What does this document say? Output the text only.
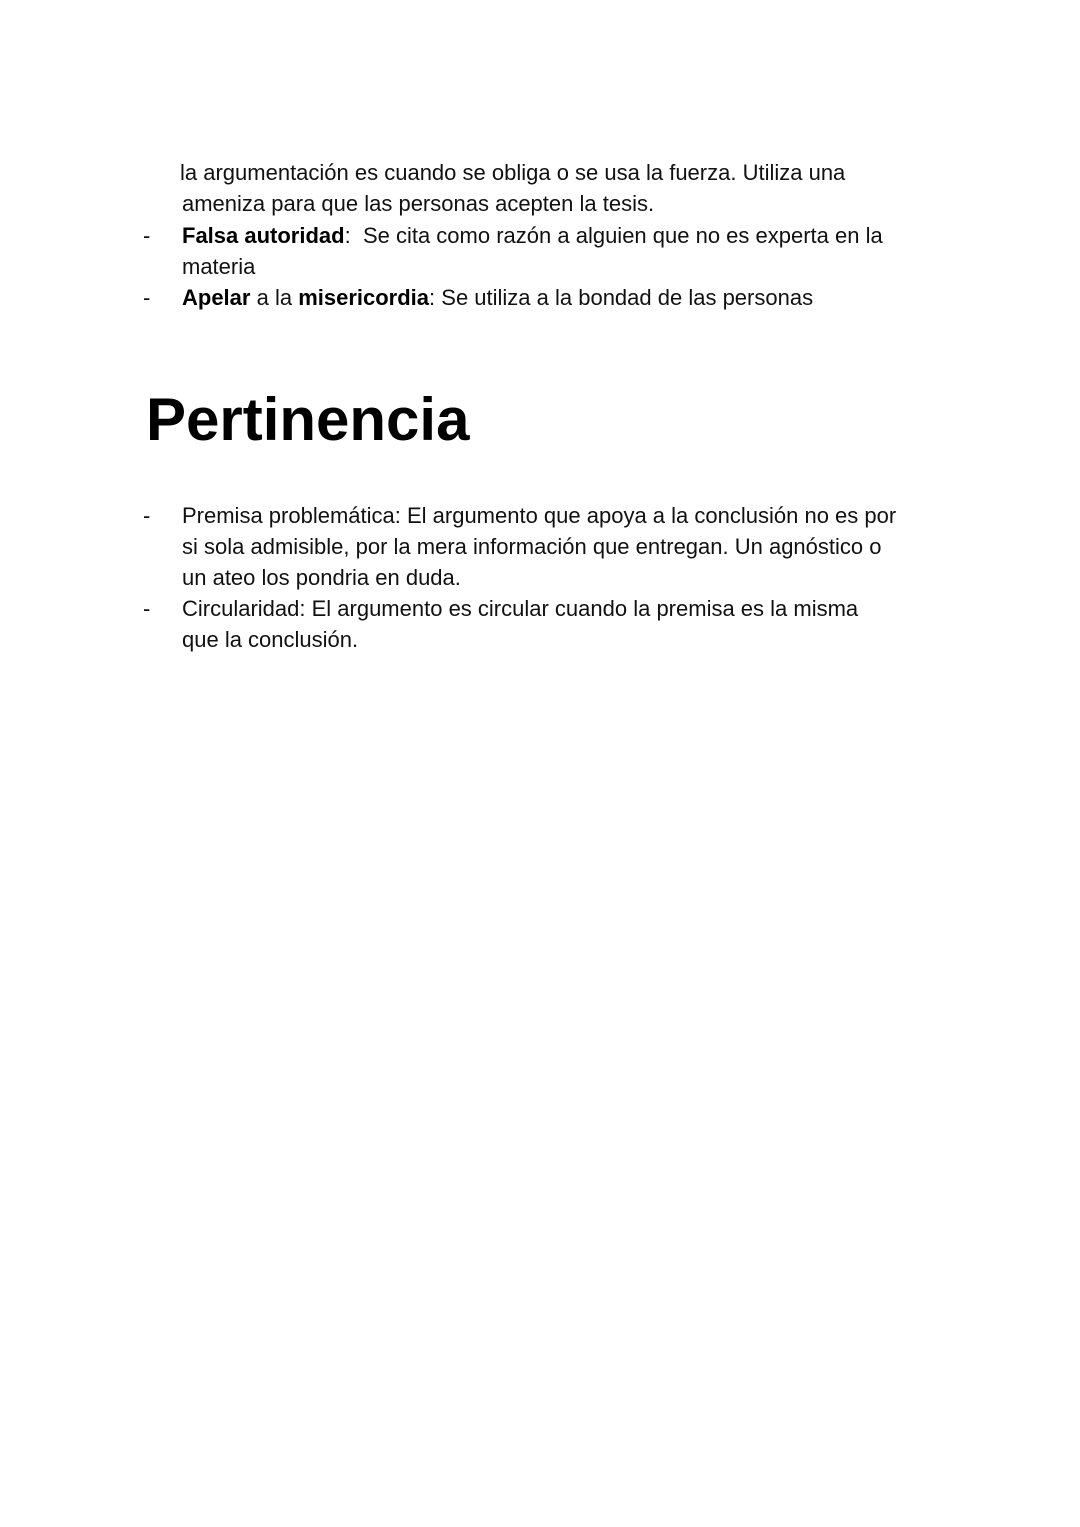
la argumentación es cuando se obliga o se usa la fuerza. Utiliza una
ameniza para que las personas acepten la tesis.
- Falsa autoridad:  Se cita como razón a alguien que no es experta en la
materia
- Apelar a la misericordia: Se utiliza a la bondad de las personas
Pertinencia
- Premisa problemática: El argumento que apoya a la conclusión no es por
si sola admisible, por la mera información que entregan. Un agnóstico o
un ateo los pondria en duda.
- Circularidad: El argumento es circular cuando la premisa es la misma
que la conclusión.
